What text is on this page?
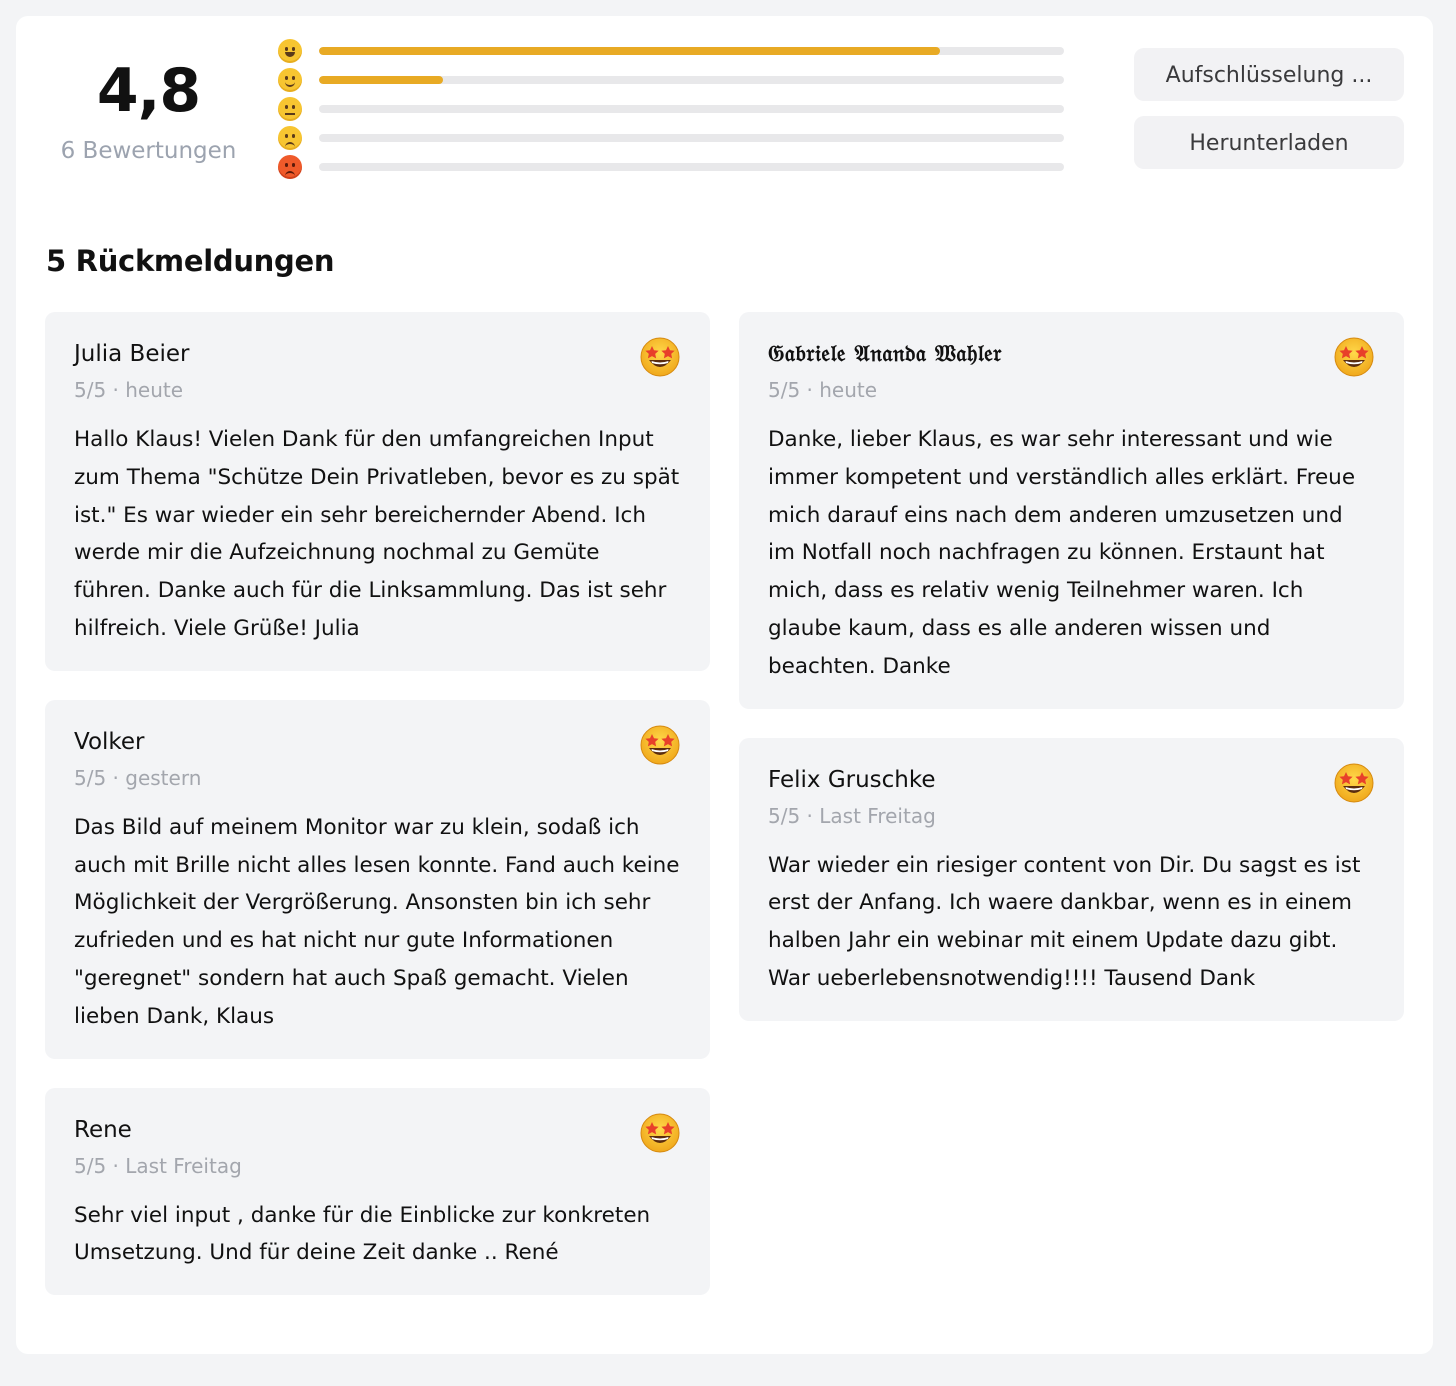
4,8
6 Bewertungen
Aufschlüsselung ...
Herunterladen
5 Rückmeldungen
Julia Beier
5/5 · heute
Hallo Klaus! Vielen Dank für den umfangreichen Input zum Thema "Schütze Dein Privatleben, bevor es zu spät ist." Es war wieder ein sehr bereichernder Abend. Ich werde mir die Aufzeichnung nochmal zu Gemüte führen. Danke auch für die Linksammlung. Das ist sehr hilfreich. Viele Grüße! Julia
Volker
5/5 · gestern
Das Bild auf meinem Monitor war zu klein, sodaß ich auch mit Brille nicht alles lesen konnte. Fand auch keine Möglichkeit der Vergrößerung. Ansonsten bin ich sehr zufrieden und es hat nicht nur gute Informationen "geregnet" sondern hat auch Spaß gemacht. Vielen lieben Dank, Klaus
Rene
5/5 · Last Freitag
Sehr viel input , danke für die Einblicke zur konkreten Umsetzung. Und für deine Zeit danke .. René
𝔊𝔞𝔟𝔯𝔦𝔢𝔩𝔢 𝔄𝔫𝔞𝔫𝔡𝔞 𝔚𝔞𝔥𝔩𝔢𝔯
5/5 · heute
Danke, lieber Klaus, es war sehr interessant und wie immer kompetent und verständlich alles erklärt. Freue mich darauf eins nach dem anderen umzusetzen und im Notfall noch nachfragen zu können. Erstaunt hat mich, dass es relativ wenig Teilnehmer waren. Ich glaube kaum, dass es alle anderen wissen und beachten. Danke
Felix Gruschke
5/5 · Last Freitag
War wieder ein riesiger content von Dir. Du sagst es ist erst der Anfang. Ich waere dankbar, wenn es in einem halben Jahr ein webinar mit einem Update dazu gibt. War ueberlebensnotwendig!!!! Tausend Dank
